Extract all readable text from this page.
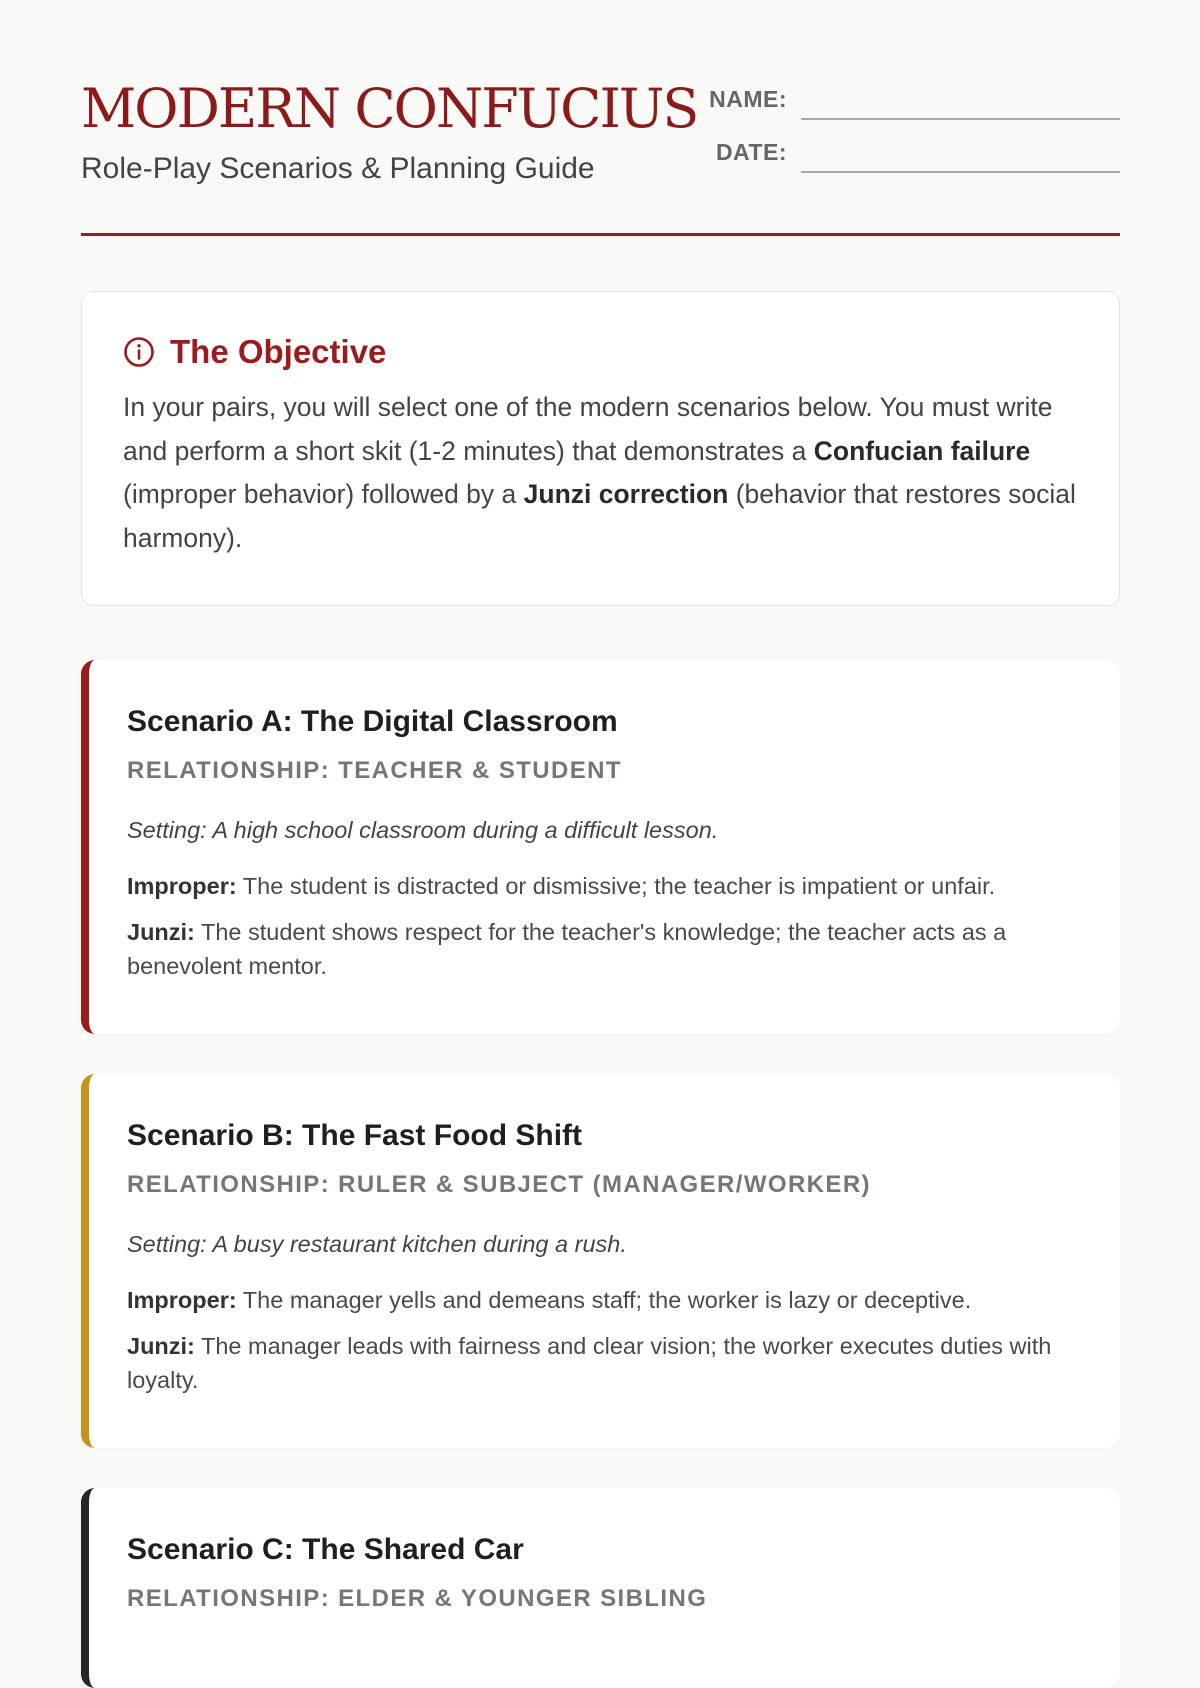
MODERN CONFUCIUS
Role-Play Scenarios & Planning Guide
NAME:
DATE:
The Objective
In your pairs, you will select one of the modern scenarios below. You must write and perform a short skit (1-2 minutes) that demonstrates a Confucian failure (improper behavior) followed by a Junzi correction (behavior that restores social harmony).
Scenario A: The Digital Classroom
RELATIONSHIP: TEACHER & STUDENT
Setting: A high school classroom during a difficult lesson.
Improper: The student is distracted or dismissive; the teacher is impatient or unfair.
Junzi: The student shows respect for the teacher's knowledge; the teacher acts as a benevolent mentor.
Scenario B: The Fast Food Shift
RELATIONSHIP: RULER & SUBJECT (MANAGER/WORKER)
Setting: A busy restaurant kitchen during a rush.
Improper: The manager yells and demeans staff; the worker is lazy or deceptive.
Junzi: The manager leads with fairness and clear vision; the worker executes duties with loyalty.
Scenario C: The Shared Car
RELATIONSHIP: ELDER & YOUNGER SIBLING
